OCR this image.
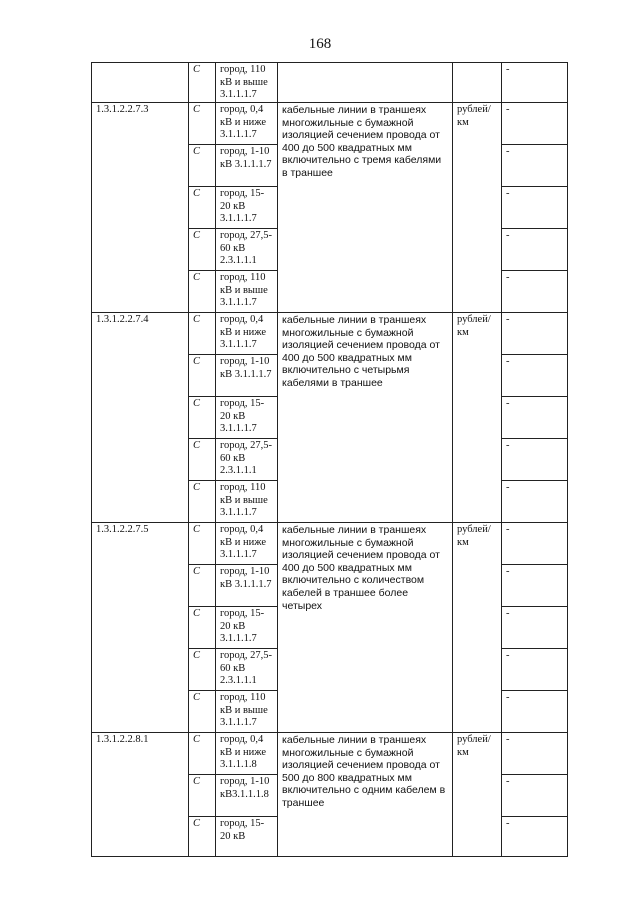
168
	С	город, 110 кВ и выше 3.1.1.1.7			-
1.3.1.2.2.7.3	С	город, 0,4 кВ и ниже 3.1.1.1.7	кабельные линии в траншеях многожильные с бумажной изоляцией сечением провода от 400 до 500 квадратных мм включительно с тремя кабелями в траншее	рублей/ км	-
	С	город, 1-10 кВ 3.1.1.1.7			-
	С	город, 15-20 кВ 3.1.1.1.7			-
	С	город, 27,5-60 кВ 2.3.1.1.1			-
	С	город, 110 кВ и выше 3.1.1.1.7			-
1.3.1.2.2.7.4	С	город, 0,4 кВ и ниже 3.1.1.1.7	кабельные линии в траншеях многожильные с бумажной изоляцией сечением провода от 400 до 500 квадратных мм включительно с четырьмя кабелями в траншее	рублей/ км	-
	С	город, 1-10 кВ 3.1.1.1.7			-
	С	город, 15-20 кВ 3.1.1.1.7			-
	С	город, 27,5-60 кВ 2.3.1.1.1			-
	С	город, 110 кВ и выше 3.1.1.1.7			-
1.3.1.2.2.7.5	С	город, 0,4 кВ и ниже 3.1.1.1.7	кабельные линии в траншеях многожильные с бумажной изоляцией сечением провода от 400 до 500 квадратных мм включительно с количеством кабелей в траншее более четырех	рублей/ км	-
	С	город, 1-10 кВ 3.1.1.1.7			-
	С	город, 15-20 кВ 3.1.1.1.7			-
	С	город, 27,5-60 кВ 2.3.1.1.1			-
	С	город, 110 кВ и выше 3.1.1.1.7			-
1.3.1.2.2.8.1	С	город, 0,4 кВ и ниже 3.1.1.1.8	кабельные линии в траншеях многожильные с бумажной изоляцией сечением провода от 500 до 800 квадратных мм включительно с одним кабелем в траншее	рублей/ км	-
	С	город, 1-10 кВ3.1.1.1.8			-
	С	город, 15-20 кВ			-
